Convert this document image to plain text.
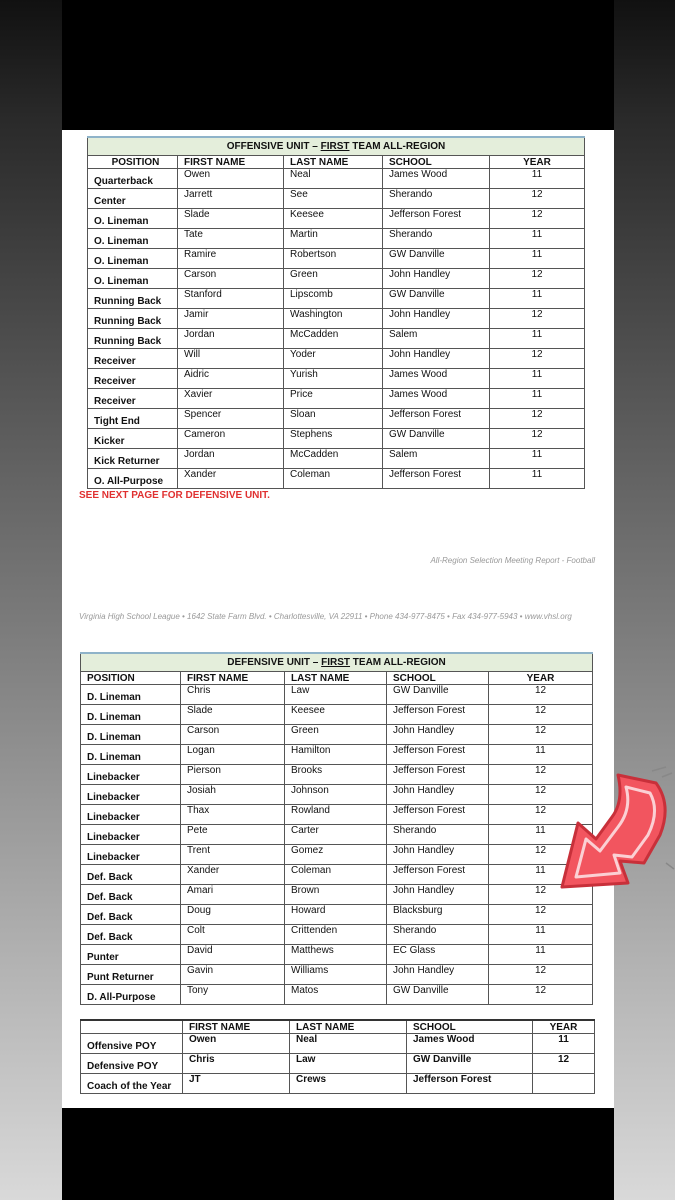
OFFENSIVE UNIT – FIRST TEAM ALL-REGION				
POSITION	FIRST NAME	LAST NAME	SCHOOL	YEAR
Quarterback	Owen	Neal	James Wood	11
Center	Jarrett	See	Sherando	12
O. Lineman	Slade	Keesee	Jefferson Forest	12
O. Lineman	Tate	Martin	Sherando	11
O. Lineman	Ramire	Robertson	GW Danville	11
O. Lineman	Carson	Green	John Handley	12
Running Back	Stanford	Lipscomb	GW Danville	11
Running Back	Jamir	Washington	John Handley	12
Running Back	Jordan	McCadden	Salem	11
Receiver	Will	Yoder	John Handley	12
Receiver	Aidric	Yurish	James Wood	11
Receiver	Xavier	Price	James Wood	11
Tight End	Spencer	Sloan	Jefferson Forest	12
Kicker	Cameron	Stephens	GW Danville	12
Kick Returner	Jordan	McCadden	Salem	11
O. All-Purpose	Xander	Coleman	Jefferson Forest	11
SEE NEXT PAGE FOR DEFENSIVE UNIT.
All-Region Selection Meeting Report - Football
Virginia High School League • 1642 State Farm Blvd. • Charlottesville, VA 22911 • Phone 434-977-8475 • Fax 434-977-5943 • www.vhsl.org
DEFENSIVE UNIT – FIRST TEAM ALL-REGION				
POSITION	FIRST NAME	LAST NAME	SCHOOL	YEAR
D. Lineman	Chris	Law	GW Danville	12
D. Lineman	Slade	Keesee	Jefferson Forest	12
D. Lineman	Carson	Green	John Handley	12
D. Lineman	Logan	Hamilton	Jefferson Forest	11
Linebacker	Pierson	Brooks	Jefferson Forest	12
Linebacker	Josiah	Johnson	John Handley	12
Linebacker	Thax	Rowland	Jefferson Forest	12
Linebacker	Pete	Carter	Sherando	11
Linebacker	Trent	Gomez	John Handley	12
Def. Back	Xander	Coleman	Jefferson Forest	11
Def. Back	Amari	Brown	John Handley	12
Def. Back	Doug	Howard	Blacksburg	12
Def. Back	Colt	Crittenden	Sherando	11
Punter	David	Matthews	EC Glass	11
Punt Returner	Gavin	Williams	John Handley	12
D. All-Purpose	Tony	Matos	GW Danville	12
	FIRST NAME	LAST NAME	SCHOOL	YEAR
Offensive POY	Owen	Neal	James Wood	11
Defensive POY	Chris	Law	GW Danville	12
Coach of the Year	JT	Crews	Jefferson Forest	
